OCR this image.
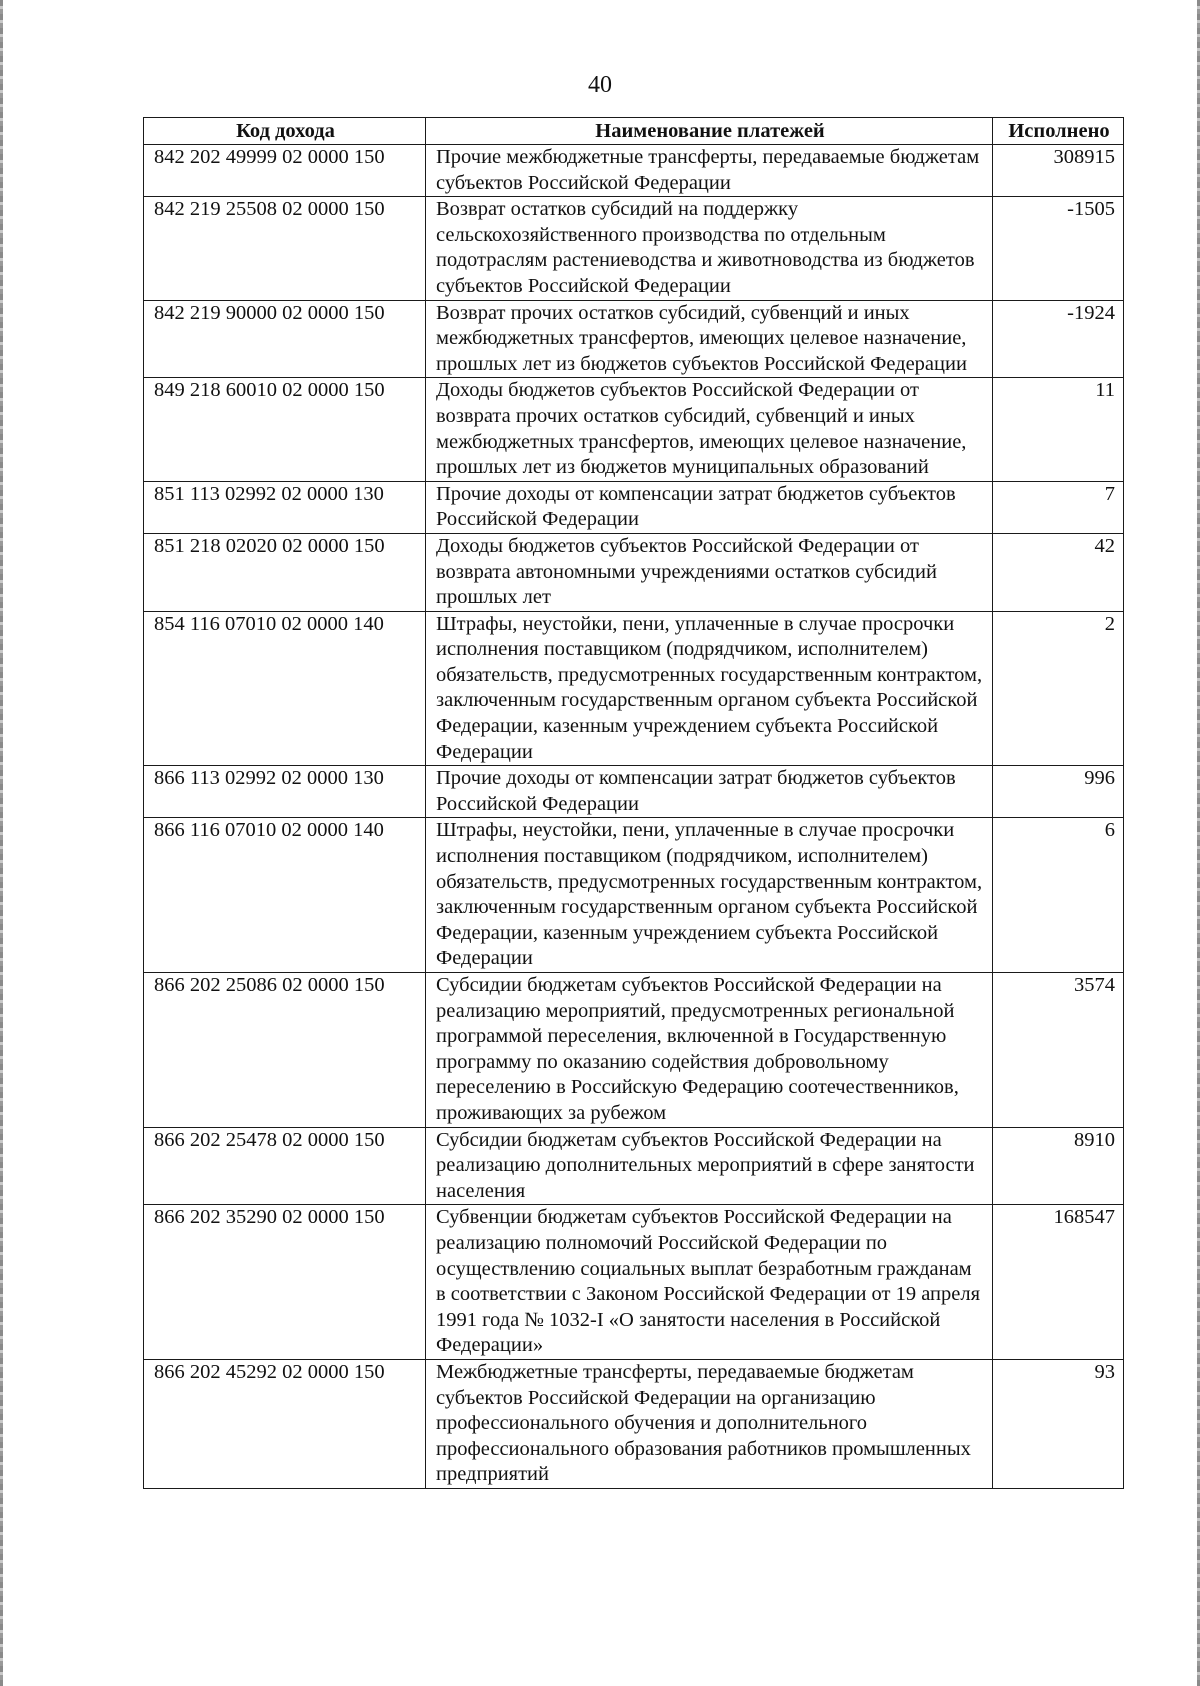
40
Код дохода	Наименование платежей	Исполнено
842 202 49999 02 0000 150	Прочие межбюджетные трансферты, передаваемые бюджетам субъектов Российской Федерации	308915
842 219 25508 02 0000 150	Возврат остатков субсидий на поддержку сельскохозяйственного производства по отдельным подотраслям растениеводства и животноводства из бюджетов субъектов Российской Федерации	-1505
842 219 90000 02 0000 150	Возврат прочих остатков субсидий, субвенций и иных межбюджетных трансфертов, имеющих целевое назначение, прошлых лет из бюджетов субъектов Российской Федерации	-1924
849 218 60010 02 0000 150	Доходы бюджетов субъектов Российской Федерации от возврата прочих остатков субсидий, субвенций и иных межбюджетных трансфертов, имеющих целевое назначение, прошлых лет из бюджетов муниципальных образований	11
851 113 02992 02 0000 130	Прочие доходы от компенсации затрат бюджетов субъектов Российской Федерации	7
851 218 02020 02 0000 150	Доходы бюджетов субъектов Российской Федерации от возврата автономными учреждениями остатков субсидий прошлых лет	42
854 116 07010 02 0000 140	Штрафы, неустойки, пени, уплаченные в случае просрочки исполнения поставщиком (подрядчиком, исполнителем) обязательств, предусмотренных государственным контрактом, заключенным государственным органом субъекта Российской Федерации, казенным учреждением субъекта Российской Федерации	2
866 113 02992 02 0000 130	Прочие доходы от компенсации затрат бюджетов субъектов Российской Федерации	996
866 116 07010 02 0000 140	Штрафы, неустойки, пени, уплаченные в случае просрочки исполнения поставщиком (подрядчиком, исполнителем) обязательств, предусмотренных государственным контрактом, заключенным государственным органом субъекта Российской Федерации, казенным учреждением субъекта Российской Федерации	6
866 202 25086 02 0000 150	Субсидии бюджетам субъектов Российской Федерации на реализацию мероприятий, предусмотренных региональной программой переселения, включенной в Государственную программу по оказанию содействия добровольному переселению в Российскую Федерацию соотечественников, проживающих за рубежом	3574
866 202 25478 02 0000 150	Субсидии бюджетам субъектов Российской Федерации на реализацию дополнительных мероприятий в сфере занятости населения	8910
866 202 35290 02 0000 150	Субвенции бюджетам субъектов Российской Федерации на реализацию полномочий Российской Федерации по осуществлению социальных выплат безработным гражданам в соответствии с Законом Российской Федерации от 19 апреля 1991 года № 1032-I «О занятости населения в Российской Федерации»	168547
866 202 45292 02 0000 150	Межбюджетные трансферты, передаваемые бюджетам субъектов Российской Федерации на организацию профессионального обучения и дополнительного профессионального образования работников промышленных предприятий	93
